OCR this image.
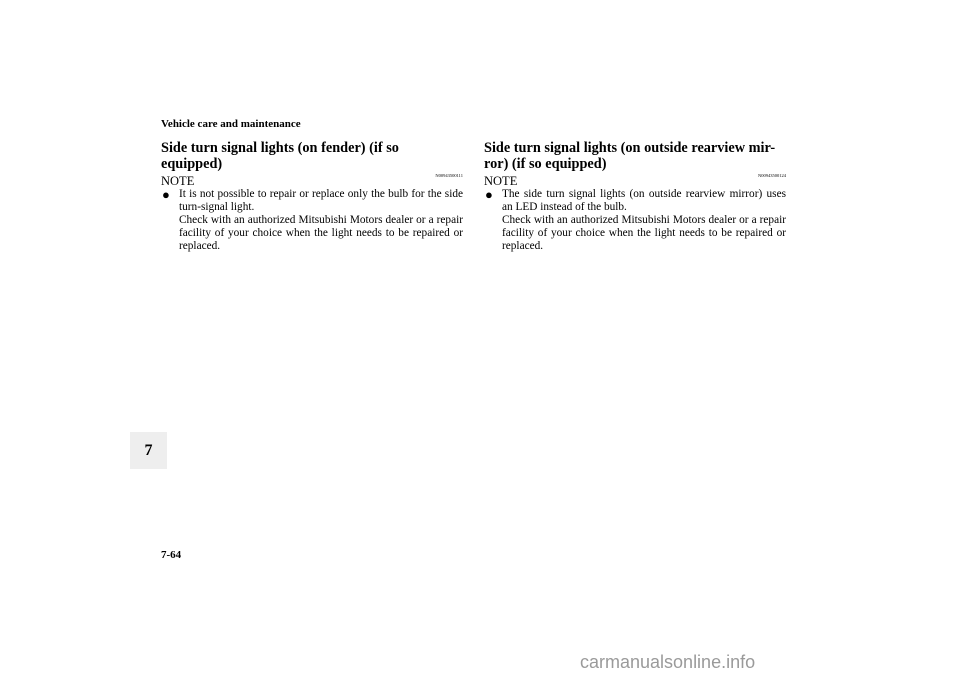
Vehicle care and maintenance
Side turn signal lights (on fender) (if so equipped)
N00943500111
NOTE
● It is not possible to repair or replace only the bulb for the side turn-signal light.

Check with an authorized Mitsubishi Motors dealer or a repair facility of your choice when the light needs to be repaired or replaced.

Side turn signal lights (on outside rearview mir-ror) (if so equipped)
N00943500124
NOTE
● The side turn signal lights (on outside rearview mirror) uses an LED instead of the bulb.

Check with an authorized Mitsubishi Motors dealer or a repair facility of your choice when the light needs to be repaired or replaced.

7
7-64
carmanualsonline.info
